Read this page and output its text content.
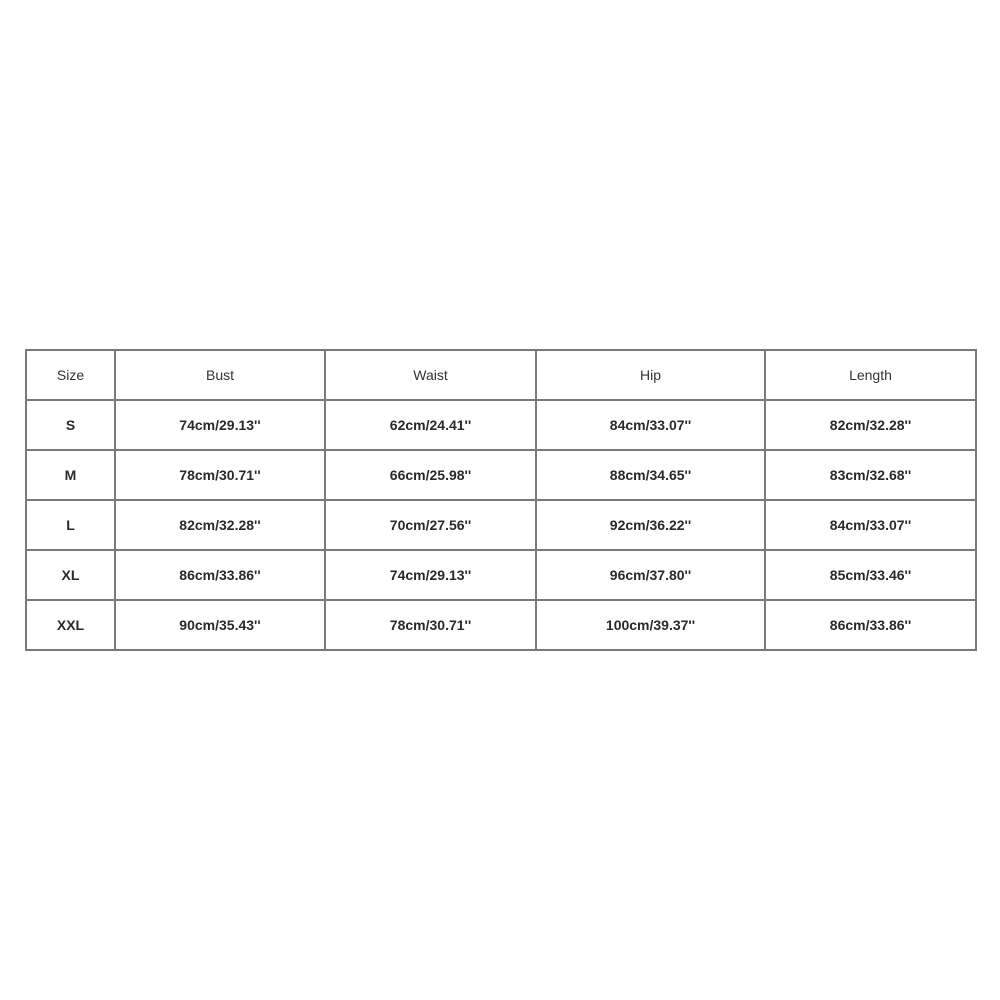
Size	Bust	Waist	Hip	Length
S	74cm/29.13''	62cm/24.41''	84cm/33.07''	82cm/32.28''
M	78cm/30.71''	66cm/25.98''	88cm/34.65''	83cm/32.68''
L	82cm/32.28''	70cm/27.56''	92cm/36.22''	84cm/33.07''
XL	86cm/33.86''	74cm/29.13''	96cm/37.80''	85cm/33.46''
XXL	90cm/35.43''	78cm/30.71''	100cm/39.37''	86cm/33.86''
